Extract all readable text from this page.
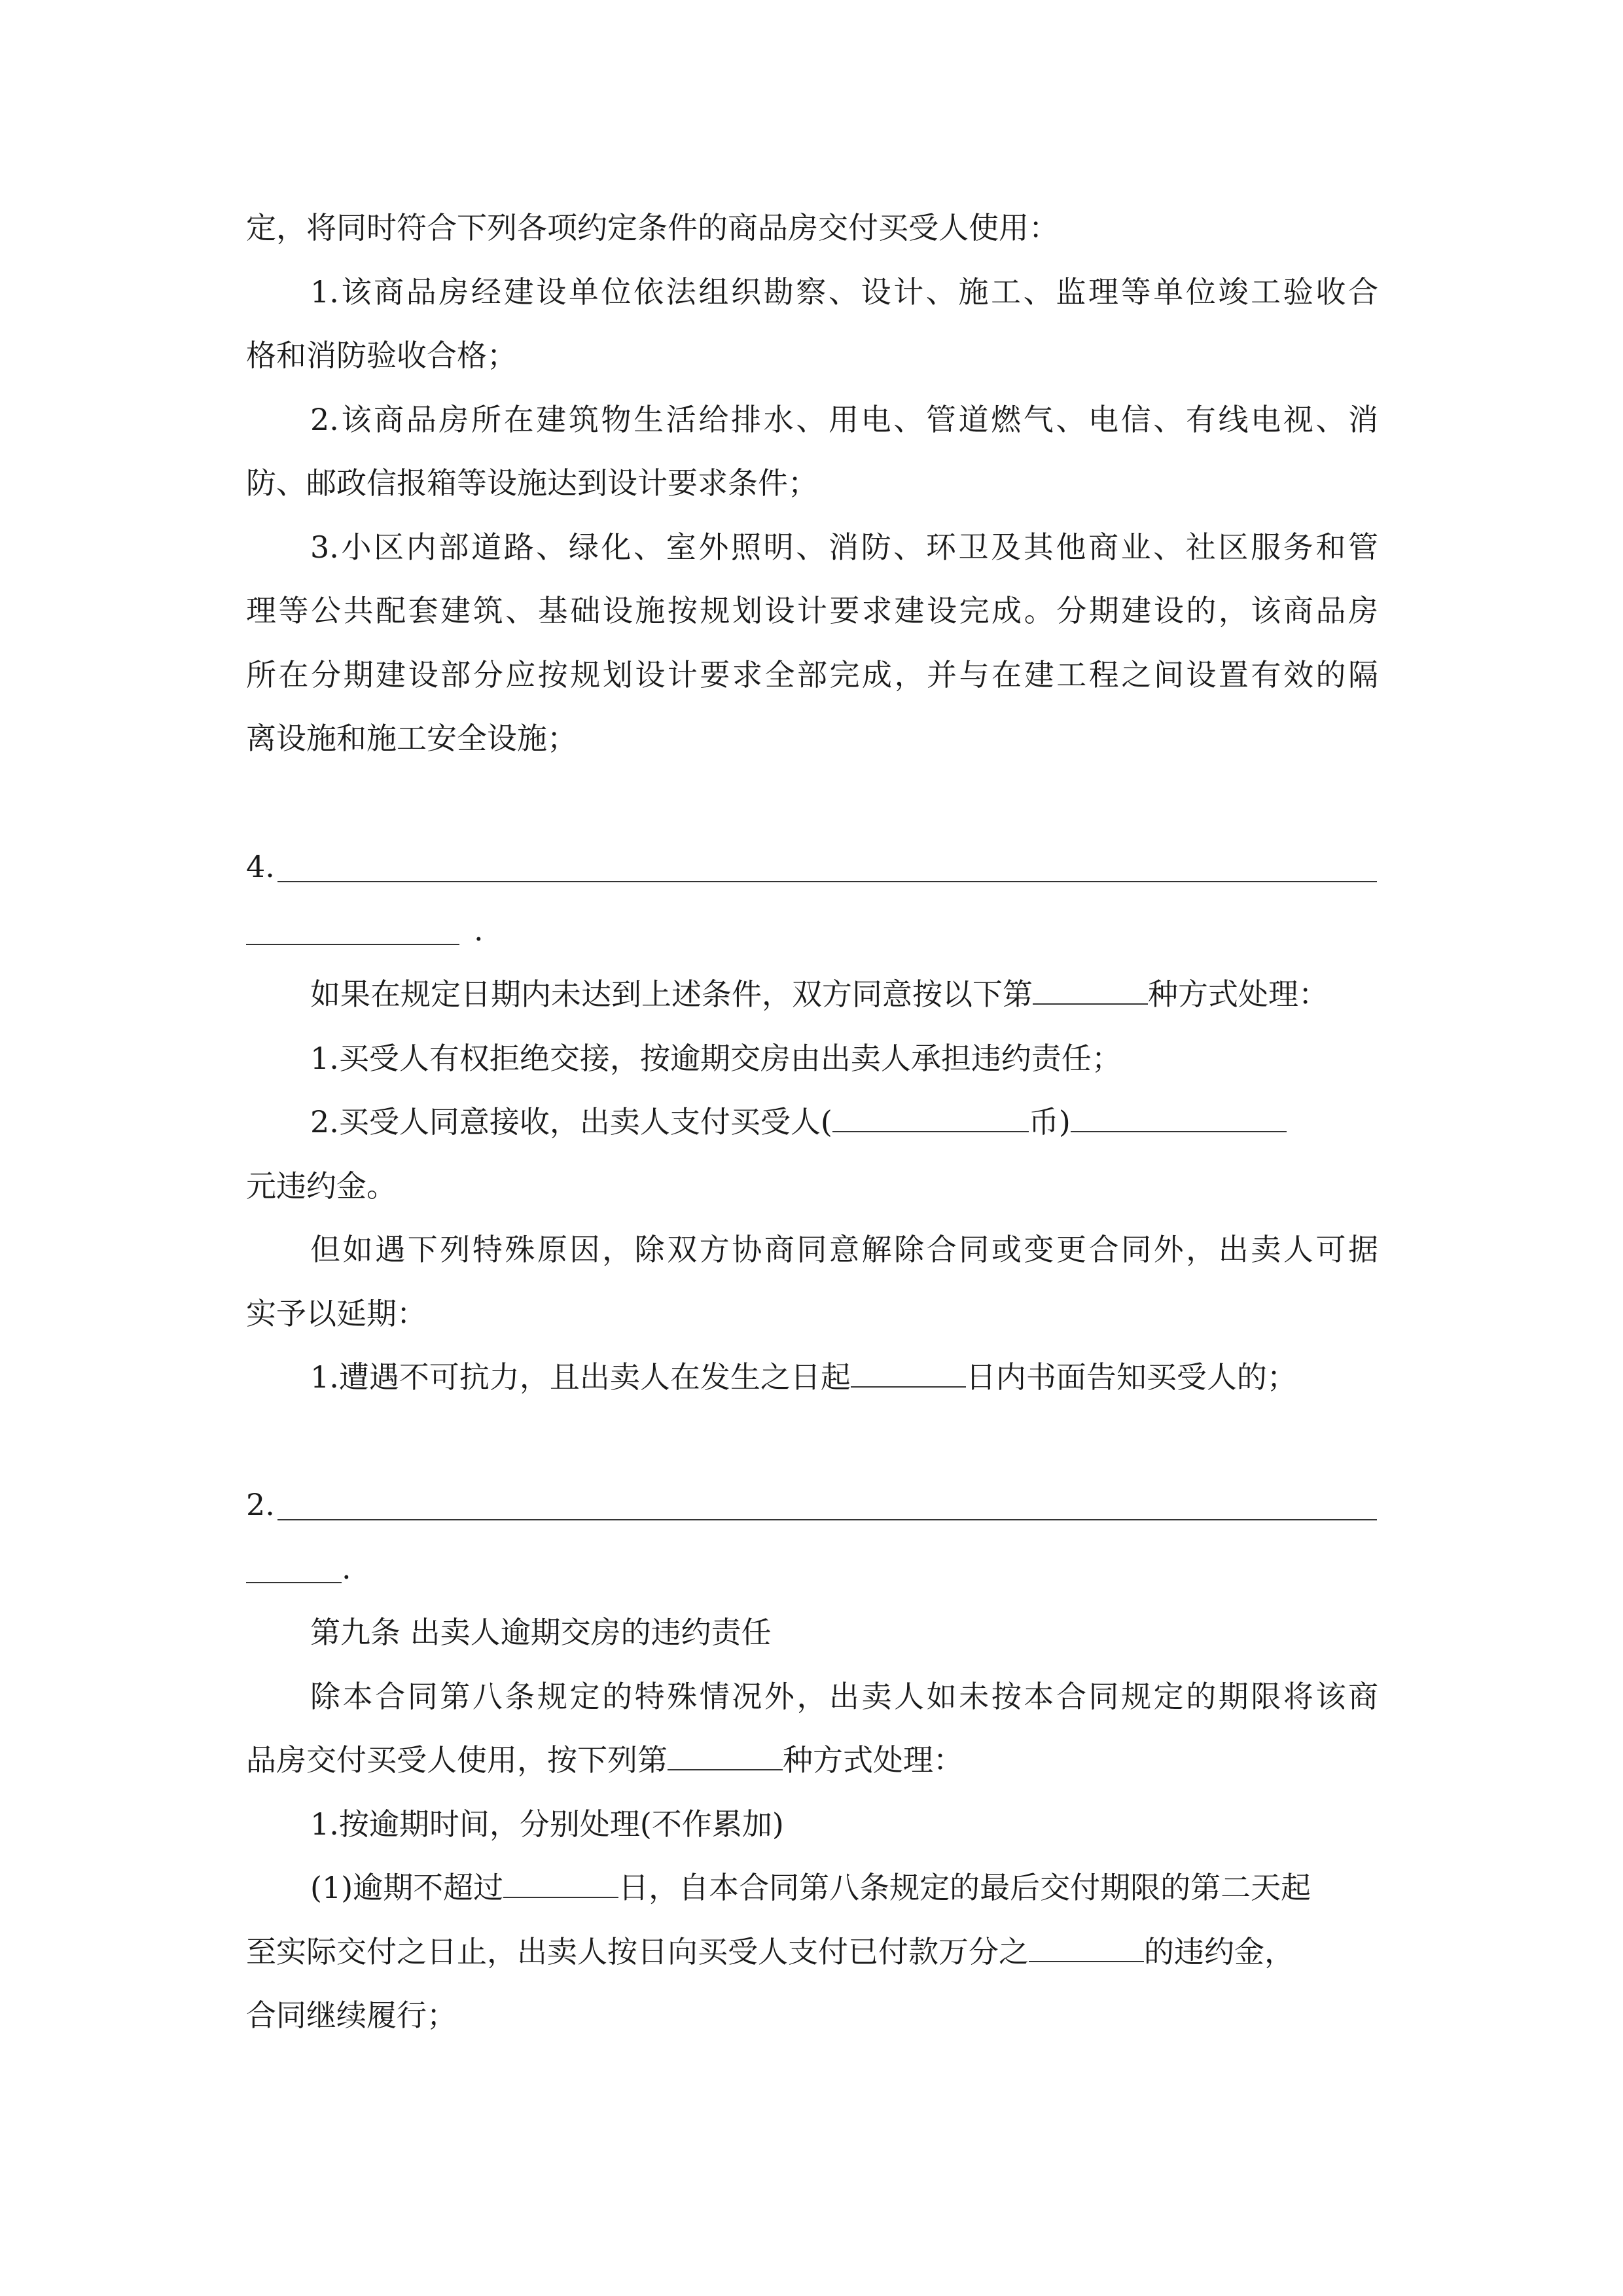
定，将同时符合下列各项约定条件的商品房交付买受人使用：
1.该商品房经建设单位依法组织勘察、设计、施工、监理等单位竣工验收合
格和消防验收合格；
2.该商品房所在建筑物生活给排水、用电、管道燃气、电信、有线电视、消
防、邮政信报箱等设施达到设计要求条件；
3.小区内部道路、绿化、室外照明、消防、环卫及其他商业、社区服务和管
理等公共配套建筑、基础设施按规划设计要求建设完成。分期建设的，该商品房
所在分期建设部分应按规划设计要求全部完成，并与在建工程之间设置有效的隔
离设施和施工安全设施；
4.
.
如果在规定日期内未达到上述条件，双方同意按以下第	种方式处理：
1.买受人有权拒绝交接，按逾期交房由出卖人承担违约责任；
2.买受人同意接收，出卖人支付买受人(	币)
元违约金。
但如遇下列特殊原因，除双方协商同意解除合同或变更合同外，出卖人可据
实予以延期：
1.遭遇不可抗力，且出卖人在发生之日起	日内书面告知买受人的；
2.
.
第九条 出卖人逾期交房的违约责任
除本合同第八条规定的特殊情况外，出卖人如未按本合同规定的期限将该商
品房交付买受人使用，按下列第	种方式处理：
1.按逾期时间，分别处理(不作累加)
(1)逾期不超过	日，自本合同第八条规定的最后交付期限的第二天起
至实际交付之日止，出卖人按日向买受人支付已付款万分之	的违约金，
合同继续履行；
